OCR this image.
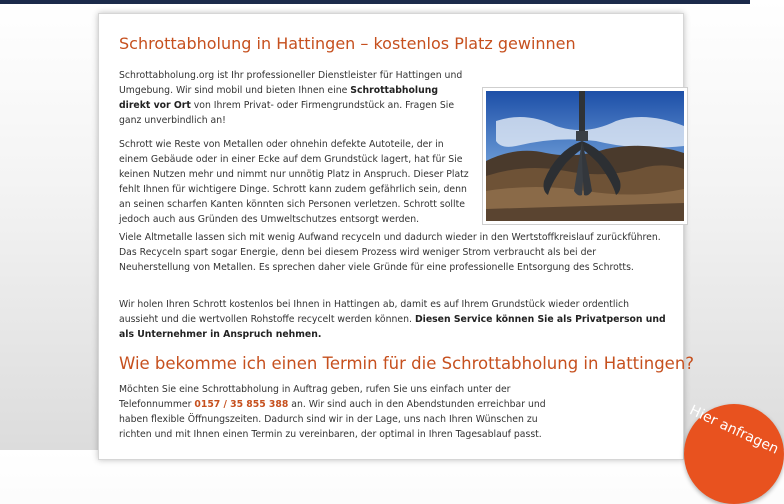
Schrottabholung in Hattingen – kostenlos Platz gewinnen

Schrottabholung.org ist Ihr professioneller Dienstleister für Hattingen und Umgebung. Wir sind mobil und bieten Ihnen eine Schrottabholung direkt vor Ort von Ihrem Privat- oder Firmengrundstück an. Fragen Sie ganz unverbindlich an!

Schrott wie Reste von Metallen oder ohnehin defekte Autoteile, der in einem Gebäude oder in einer Ecke auf dem Grundstück lagert, hat für Sie keinen Nutzen mehr und nimmt nur unnötig Platz in Anspruch. Dieser Platz fehlt Ihnen für wichtigere Dinge. Schrott kann zudem gefährlich sein, denn an seinen scharfen Kanten könnten sich Personen verletzen. Schrott sollte jedoch auch aus Gründen des Umweltschutzes entsorgt werden.

Viele Altmetalle lassen sich mit wenig Aufwand recyceln und dadurch wieder in den Wertstoffkreislauf zurückführen. Das Recyceln spart sogar Energie, denn bei diesem Prozess wird weniger Strom verbraucht als bei der Neuherstellung von Metallen. Es sprechen daher viele Gründe für eine professionelle Entsorgung des Schrotts.

Wir holen Ihren Schrott kostenlos bei Ihnen in Hattingen ab, damit es auf Ihrem Grundstück wieder ordentlich aussieht und die wertvollen Rohstoffe recycelt werden können. Diesen Service können Sie als Privatperson und als Unternehmer in Anspruch nehmen.

Wie bekomme ich einen Termin für die Schrottabholung in Hattingen?

Möchten Sie eine Schrottabholung in Auftrag geben, rufen Sie uns einfach unter der Telefonnummer 0157 / 35 855 388 an. Wir sind auch in den Abendstunden erreichbar und haben flexible Öffnungszeiten. Dadurch sind wir in der Lage, uns nach Ihren Wünschen zu richten und mit Ihnen einen Termin zu vereinbaren, der optimal in Ihren Tagesablauf passt.	Hier anfragen
